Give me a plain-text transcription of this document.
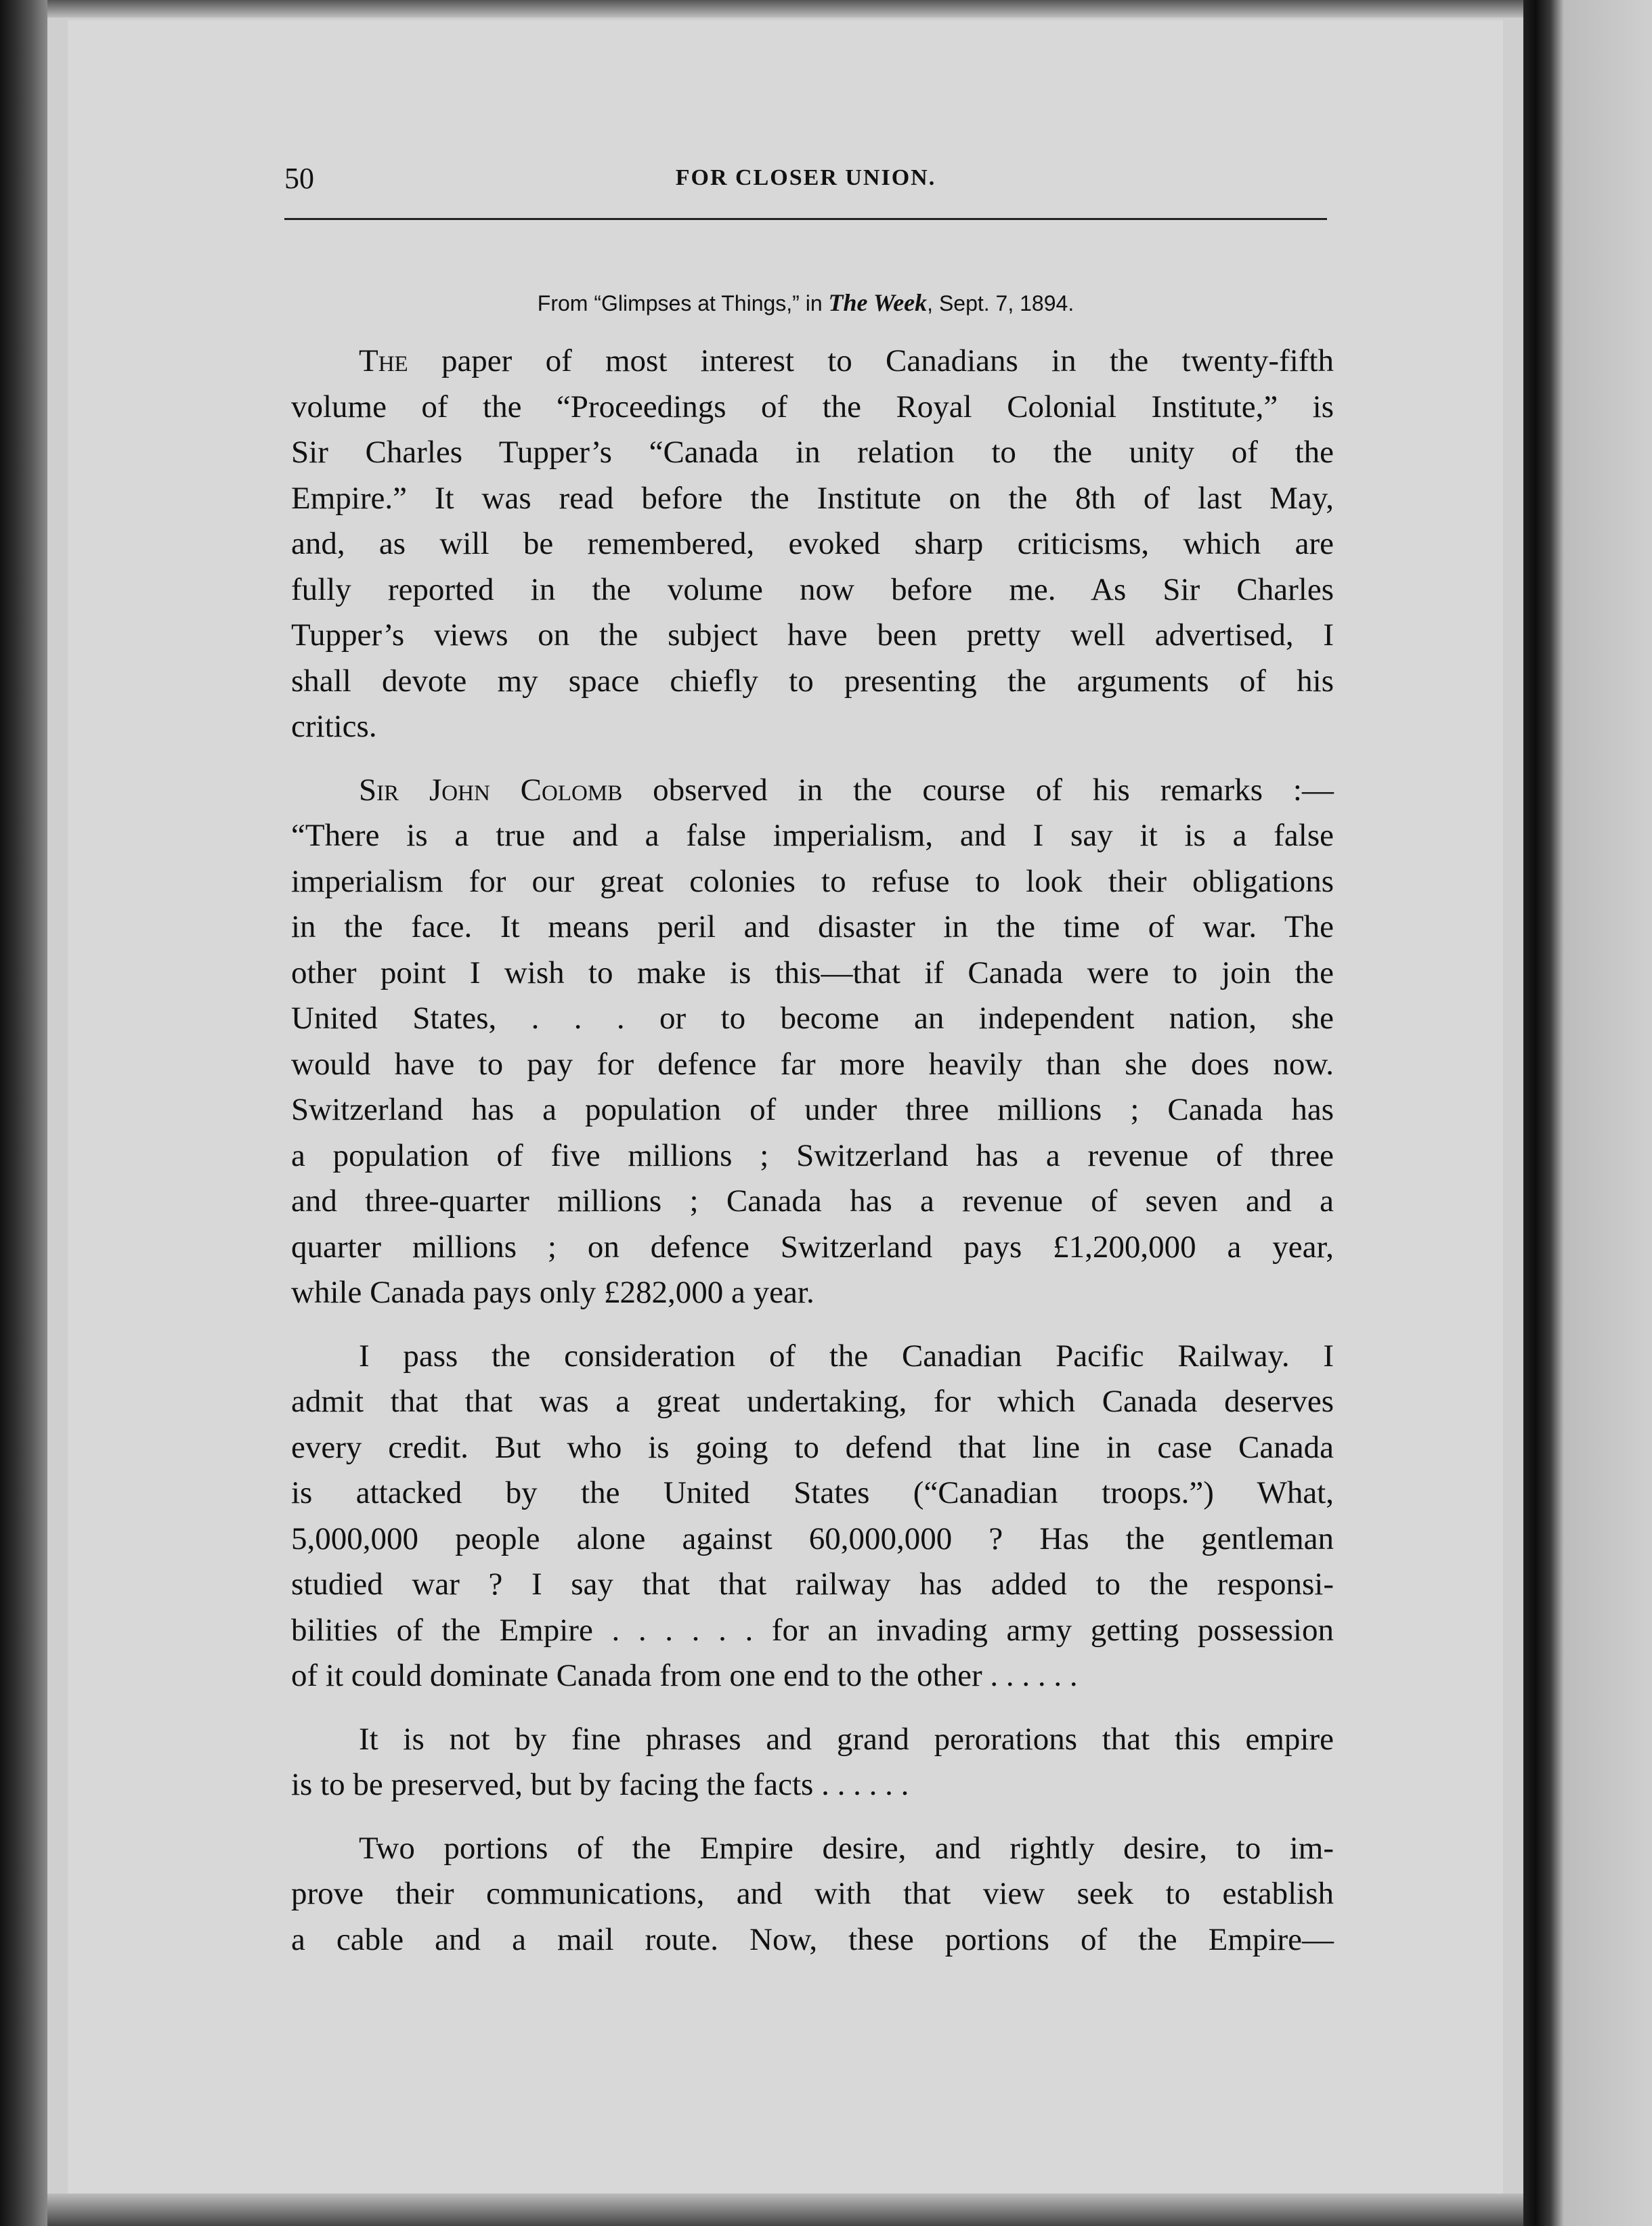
50	FOR CLOSER UNION.
From “Glimpses at Things,” in The Week, Sept. 7, 1894.

The paper of most interest to Canadians in the twenty-fifth
volume of the “Proceedings of the Royal Colonial Institute,” is
Sir Charles Tupper’s “Canada in relation to the unity of the
Empire.” It was read before the Institute on the 8th of last May,
and, as will be remembered, evoked sharp criticisms, which are
fully reported in the volume now before me. As Sir Charles
Tupper’s views on the subject have been pretty well advertised, I
shall devote my space chiefly to presenting the arguments of his
critics.

Sir John Colomb observed in the course of his remarks :—
“There is a true and a false imperialism, and I say it is a false
imperialism for our great colonies to refuse to look their obligations
in the face. It means peril and disaster in the time of war. The
other point I wish to make is this—that if Canada were to join the
United States, . . . or to become an independent nation, she
would have to pay for defence far more heavily than she does now.
Switzerland has a population of under three millions ; Canada has
a population of five millions ; Switzerland has a revenue of three
and three-quarter millions ; Canada has a revenue of seven and a
quarter millions ; on defence Switzerland pays £1,200,000 a year,
while Canada pays only £282,000 a year.

I pass the consideration of the Canadian Pacific Railway. I
admit that that was a great undertaking, for which Canada deserves
every credit. But who is going to defend that line in case Canada
is attacked by the United States (“Canadian troops.”) What,
5,000,000 people alone against 60,000,000 ? Has the gentleman
studied war ? I say that that railway has added to the responsi-
bilities of the Empire . . . . . . for an invading army getting possession
of it could dominate Canada from one end to the other . . . . . .

It is not by fine phrases and grand perorations that this empire
is to be preserved, but by facing the facts . . . . . .

Two portions of the Empire desire, and rightly desire, to im-
prove their communications, and with that view seek to establish
a cable and a mail route. Now, these portions of the Empire—
